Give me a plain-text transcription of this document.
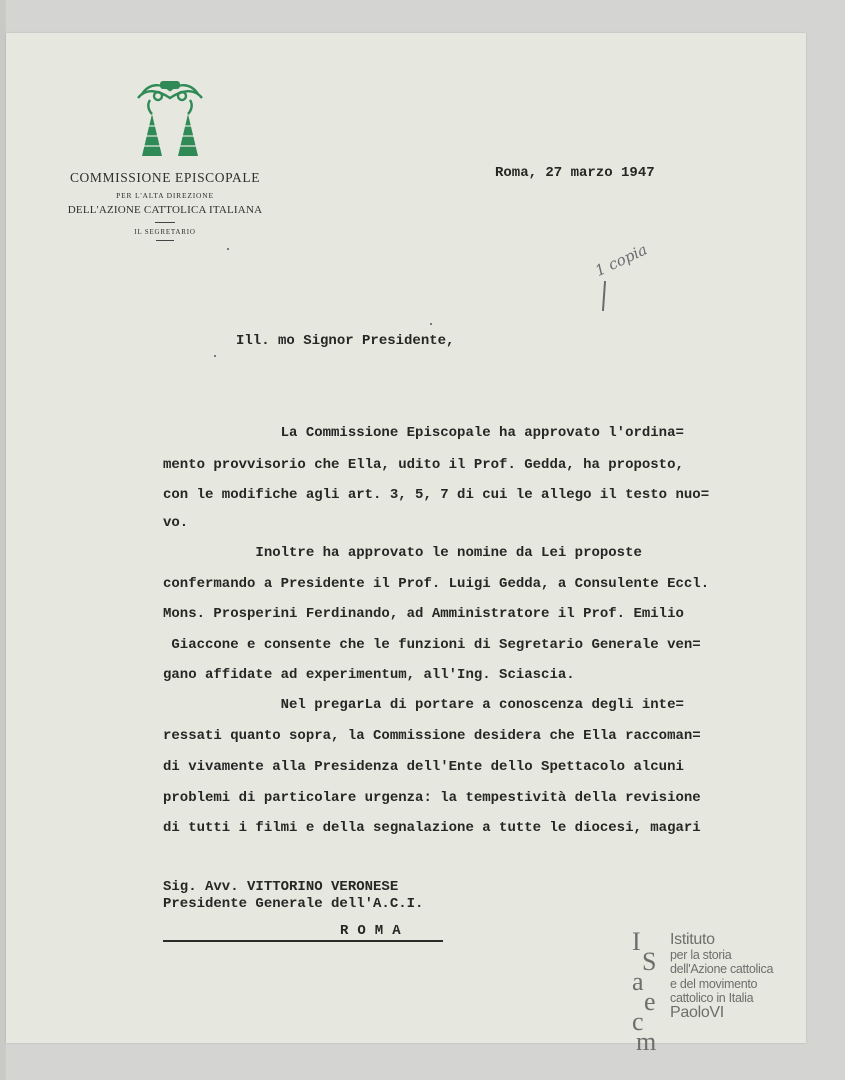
COMMISSIONE EPISCOPALE
PER L'ALTA DIREZIONE
DELL'AZIONE CATTOLICA ITALIANA
IL SEGRETARIO
Roma, 27 marzo 1947
1 copia
Ill. mo Signor Presidente,
La Commissione Episcopale ha approvato l'ordina=
mento provvisorio che Ella, udito il Prof. Gedda, ha proposto,
con le modifiche agli art. 3, 5, 7 di cui le allego il testo nuo=
vo.
Inoltre ha approvato le nomine da Lei proposte
confermando a Presidente il Prof. Luigi Gedda, a Consulente Eccl.
Mons. Prosperini Ferdinando, ad Amministratore il Prof. Emilio
Giaccone e consente che le funzioni di Segretario Generale ven=
gano affidate ad experimentum, all'Ing. Sciascia.
Nel pregarLa di portare a conoscenza degli inte=
ressati quanto sopra, la Commissione desidera che Ella raccoman=
di vivamente alla Presidenza dell'Ente dello Spettacolo alcuni
problemi di particolare urgenza: la tempestività della revisione
di tutti i filmi e della segnalazione a tutte le diocesi, magari
Sig. Avv. VITTORINO VERONESE
Presidente Generale dell'A.C.I.
ROMA	I
S
a
e
c
m
Istituto
per la storia
dell'Azione cattolica
e del movimento
cattolico in Italia
PaoloVI
